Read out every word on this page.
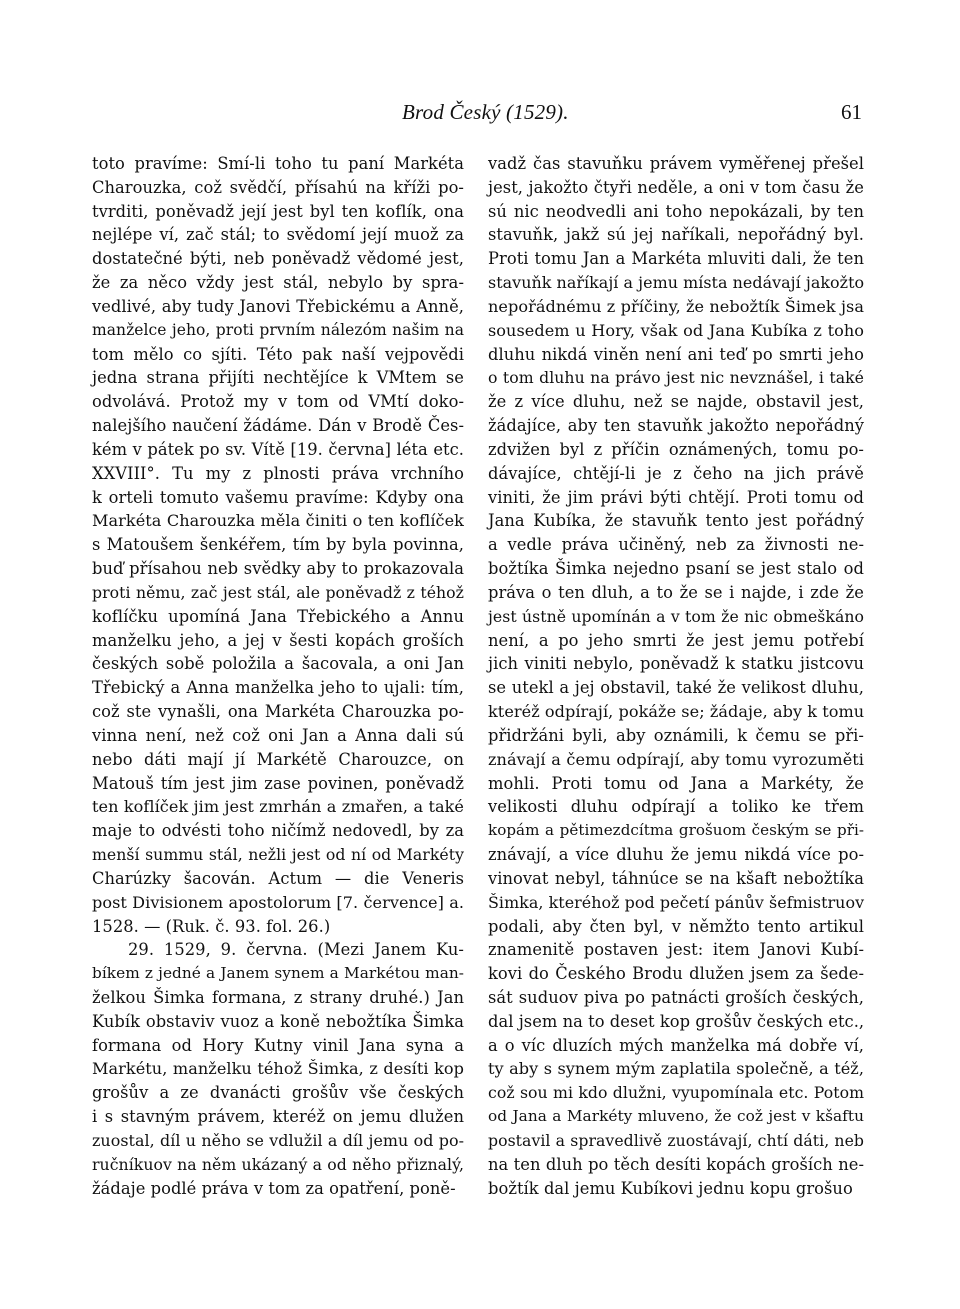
Brod Český (1529).	61
toto pravíme: Smí-li toho tu paní Markéta
Charouzka, což svědčí, přísahú na kříži po-
tvrditi, poněvadž její jest byl ten koflík, ona
nejlépe ví, zač stál; to svědomí její muož za
dostatečné býti, neb poněvadž vědomé jest,
že za něco vždy jest stál, nebylo by spra-
vedlivé, aby tudy Janovi Třebickému a Anně,
manželce jeho, proti prvním nálezóm našim na
tom mělo co sjíti. Této pak naší vejpovědi
jedna strana přijíti nechtějíce k VMtem se
odvolává. Protož my v tom od VMtí doko-
nalejšího naučení žádáme. Dán v Brodě Čes-
kém v pátek po sv. Vítě [19. června] léta etc.
XXVIII°. Tu my z plnosti práva vrchního
k orteli tomuto vašemu pravíme: Kdyby ona
Markéta Charouzka měla činiti o ten koflíček
s Matoušem šenkéřem, tím by byla povinna,
buď přísahou neb svědky aby to prokazovala
proti němu, zač jest stál, ale poněvadž z téhož
koflíčku upomíná Jana Třebického a Annu
manželku jeho, a jej v šesti kopách groších
českých sobě položila a šacovala, a oni Jan
Třebický a Anna manželka jeho to ujali: tím,
což ste vynašli, ona Markéta Charouzka po-
vinna není, než což oni Jan a Anna dali sú
nebo dáti mají jí Markétě Charouzce, on
Matouš tím jest jim zase povinen, poněvadž
ten koflíček jim jest zmrhán a zmařen, a také
maje to odvésti toho ničímž nedovedl, by za
menší summu stál, nežli jest od ní od Markéty
Charúzky šacován. Actum — die Veneris
post Divisionem apostolorum [7. července] a.
1528. — (Ruk. č. 93. fol. 26.)
29. 1529, 9. června. (Mezi Janem Ku-
bíkem z jedné a Janem synem a Markétou man-
želkou Šimka formana, z strany druhé.) Jan
Kubík obstaviv vuoz a koně nebožtíka Šimka
formana od Hory Kutny vinil Jana syna a
Markétu, manželku téhož Šimka, z desíti kop
grošův a ze dvanácti grošův vše českých
i s stavným právem, kteréž on jemu dlužen
zuostal, díl u něho se vdlužil a díl jemu od po-
ručníkuov na něm ukázaný a od něho přiznalý,
žádaje podlé práva v tom za opatření, poně-
vadž čas stavuňku právem vyměřenej přešel
jest, jakožto čtyři neděle, a oni v tom času že
sú nic neodvedli ani toho nepokázali, by ten
stavuňk, jakž sú jej naříkali, nepořádný byl.
Proti tomu Jan a Markéta mluviti dali, že ten
stavuňk naříkají a jemu místa nedávají jakožto
nepořádnému z příčiny, že nebožtík Šimek jsa
sousedem u Hory, však od Jana Kubíka z toho
dluhu nikdá viněn není ani teď po smrti jeho
o tom dluhu na právo jest nic nevznášel, i také
že z více dluhu, než se najde, obstavil jest,
žádajíce, aby ten stavuňk jakožto nepořádný
zdvižen byl z příčin oznámených, tomu po-
dávajíce, chtějí-li je z čeho na jich právě
viniti, že jim právi býti chtějí. Proti tomu od
Jana Kubíka, že stavuňk tento jest pořádný
a vedle práva učiněný, neb za živnosti ne-
božtíka Šimka nejedno psaní se jest stalo od
práva o ten dluh, a to že se i najde, i zde že
jest ústně upomínán a v tom že nic obmeškáno
není, a po jeho smrti že jest jemu potřebí
jich viniti nebylo, poněvadž k statku jistcovu
se utekl a jej obstavil, také že velikost dluhu,
kteréž odpírají, pokáže se; žádaje, aby k tomu
přidržáni byli, aby oznámili, k čemu se při-
znávají a čemu odpírají, aby tomu vyrozuměti
mohli. Proti tomu od Jana a Markéty, že
velikosti dluhu odpírají a toliko ke třem
kopám a pětimezdcítma grošuom českým se při-
znávají, a více dluhu že jemu nikdá více po-
vinovat nebyl, táhnúce se na kšaft nebožtíka
Šimka, kteréhož pod pečetí pánův šefmistruov
podali, aby čten byl, v němžto tento artikul
znamenitě postaven jest: item Janovi Kubí-
kovi do Českého Brodu dlužen jsem za šede-
sát suduov piva po patnácti groších českých,
dal jsem na to deset kop grošův českých etc.,
a o víc dluzích mých manželka má dobře ví,
ty aby s synem mým zaplatila společně, a též,
což sou mi kdo dlužni, vyupomínala etc. Potom
od Jana a Markéty mluveno, že což jest v kšaftu
postavil a spravedlivě zuostávají, chtí dáti, neb
na ten dluh po těch desíti kopách groších ne-
božtík dal jemu Kubíkovi jednu kopu grošuo
